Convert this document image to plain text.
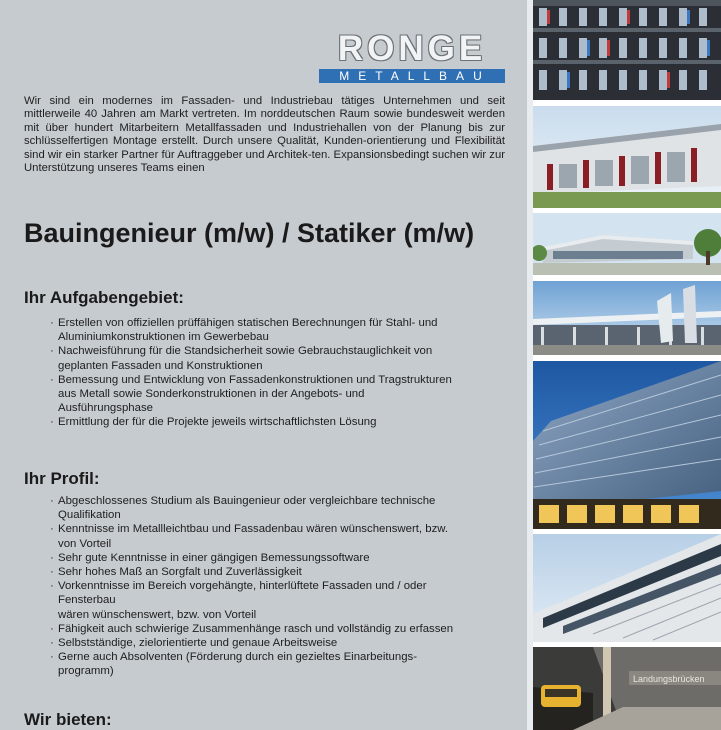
RONGE
METALLBAU
Wir sind ein modernes im Fassaden- und Industriebau tätiges Unternehmen und seit mittlerweile 40 Jahren am Markt vertreten. Im norddeutschen Raum sowie bundesweit werden mit über hundert Mitarbeitern Metallfassaden und Industriehallen von der Planung bis zur schlüsselfertigen Montage erstellt. Durch unsere Qualität, Kunden-orientierung und Flexibilität sind wir ein starker Partner für Auftraggeber und Architek-ten. Expansionsbedingt suchen wir zur Unterstützung unseres Teams einen
Bauingenieur (m/w) / Statiker (m/w)
Ihr Aufgabengebiet:
· Erstellen von offiziellen prüffähigen statischen Berechnungen für Stahl- und
Aluminiumkonstruktionen im Gewerbebau
· Nachweisführung für die Standsicherheit sowie Gebrauchstauglichkeit von
geplanten Fassaden und Konstruktionen
· Bemessung und Entwicklung von Fassadenkonstruktionen und Tragstrukturen
aus Metall sowie Sonderkonstruktionen in der Angebots- und
Ausführungsphase
· Ermittlung der für die Projekte jeweils wirtschaftlichsten Lösung
Ihr Profil:
· Abgeschlossenes Studium als Bauingenieur oder vergleichbare technische
Qualifikation
· Kenntnisse im Metallleichtbau und Fassadenbau wären wünschenswert, bzw.
von Vorteil
· Sehr gute Kenntnisse in einer gängigen Bemessungssoftware
· Sehr hohes Maß an Sorgfalt und Zuverlässigkeit
· Vorkenntnisse im Bereich vorgehängte, hinterlüftete Fassaden und / oder
Fensterbau
wären wünschenswert, bzw. von Vorteil
· Fähigkeit auch schwierige Zusammenhänge rasch und vollständig zu erfassen
· Selbstständige, zielorientierte und genaue Arbeitsweise
· Gerne auch Absolventen (Förderung durch ein gezieltes Einarbeitungs-
programm)
Wir bieten:
Landungsbrücken
